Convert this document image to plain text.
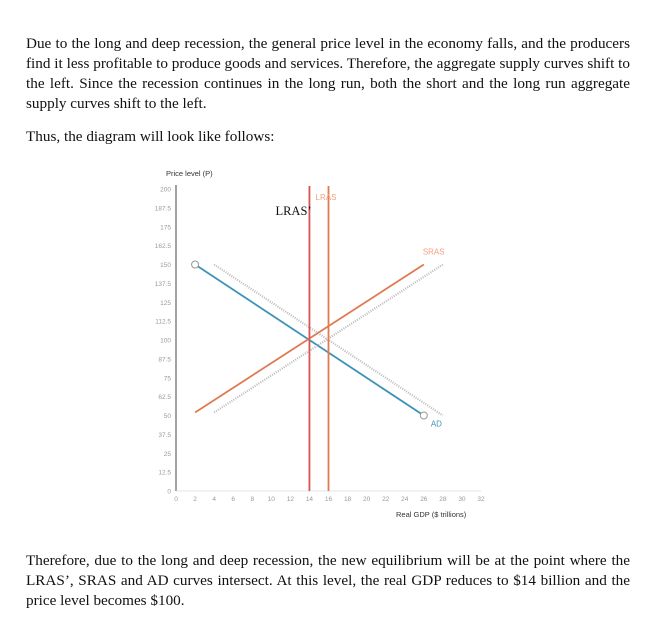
Due to the long and deep recession, the general price level in the economy falls, and the producers find it less profitable to produce goods and services. Therefore, the aggregate supply curves shift to the left. Since the recession continues in the long run, both the short and the long run aggregate supply curves shift to the left.

Thus, the diagram will look like follows:

Price level (P)
Real GDP ($ trillions)
0
12.5
25
37.5
50
62.5
75
87.5
100
112.5
125
137.5
150
162.5
175
187.5
200
0 2 4 6 8 10 12 14 16 18 20 22 24 26 28 30 32
LRAS
LRAS’
SRAS
AD

Therefore, due to the long and deep recession, the new equilibrium will be at the point where the LRAS’, SRAS and AD curves intersect. At this level, the real GDP reduces to $14 billion and the price level becomes $100.
